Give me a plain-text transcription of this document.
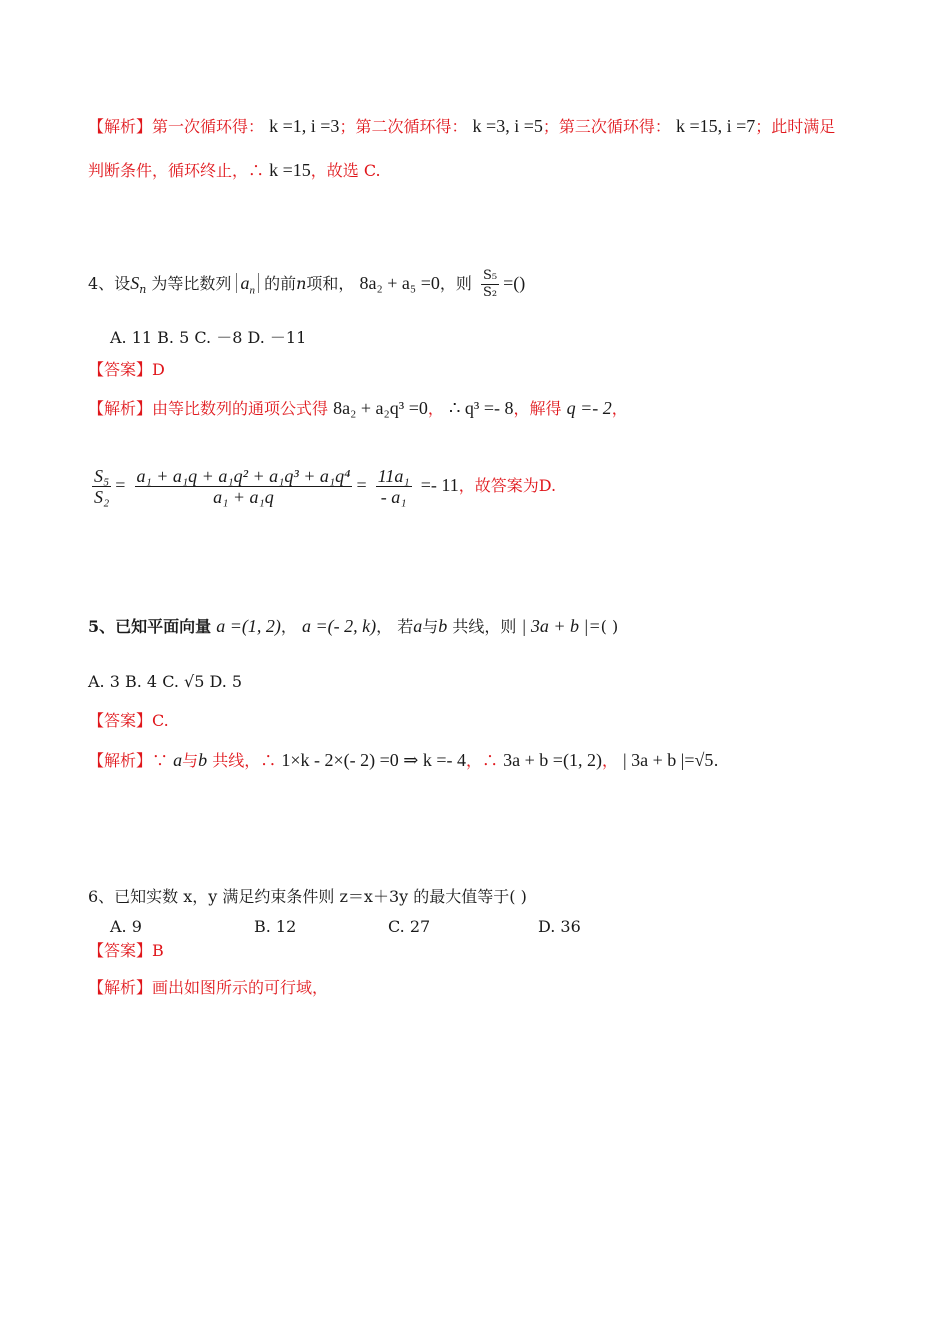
【解析】第一次循环得： k =1, i =3；第二次循环得： k =3, i =5；第三次循环得： k =15, i =7；此时满足
判断条件，循环终止，∴ k =15，故选 C.
4、设$S_n$ 为等比数列 $a_n$ 的前n项和， 8a₂ + a₅ =0，则 $\frac{\text{S₅}}{\text{S₂}}$ =()
A. 11 B. 5 C. －8 D. －11
【答案】D
【解析】由等比数列的通项公式得 8a₂ + a₂q³ =0， ∴ q³ =- 8，解得 q =- 2，
$\frac{\text{S₅}}{\text{S₂}} = \frac{\text{a₁ + a₁q + a₁q² + a₁q³ + a₁q⁴}}{\text{a₁ + a₁q}} = \frac{\text{11a₁}}{\text{- a₁}} =- 11$，故答案为D.
5、已知平面向量 a =(1, 2)， a =(- 2, k)， 若a与b 共线，则 | 3a + b |=( )
A. 3 B. 4 C. √5 D. 5
【答案】C.
【解析】∵ a与b 共线，∴ 1×k - 2×(- 2) =0 ⇒ k =- 4，∴ 3a + b =(1, 2)， | 3a + b |=√5.
6、已知实数 x，y 满足约束条件则 z＝x＋3y 的最大值等于( )
A. 9	B. 12	C. 27	D. 36
【答案】B
【解析】画出如图所示的可行域，
